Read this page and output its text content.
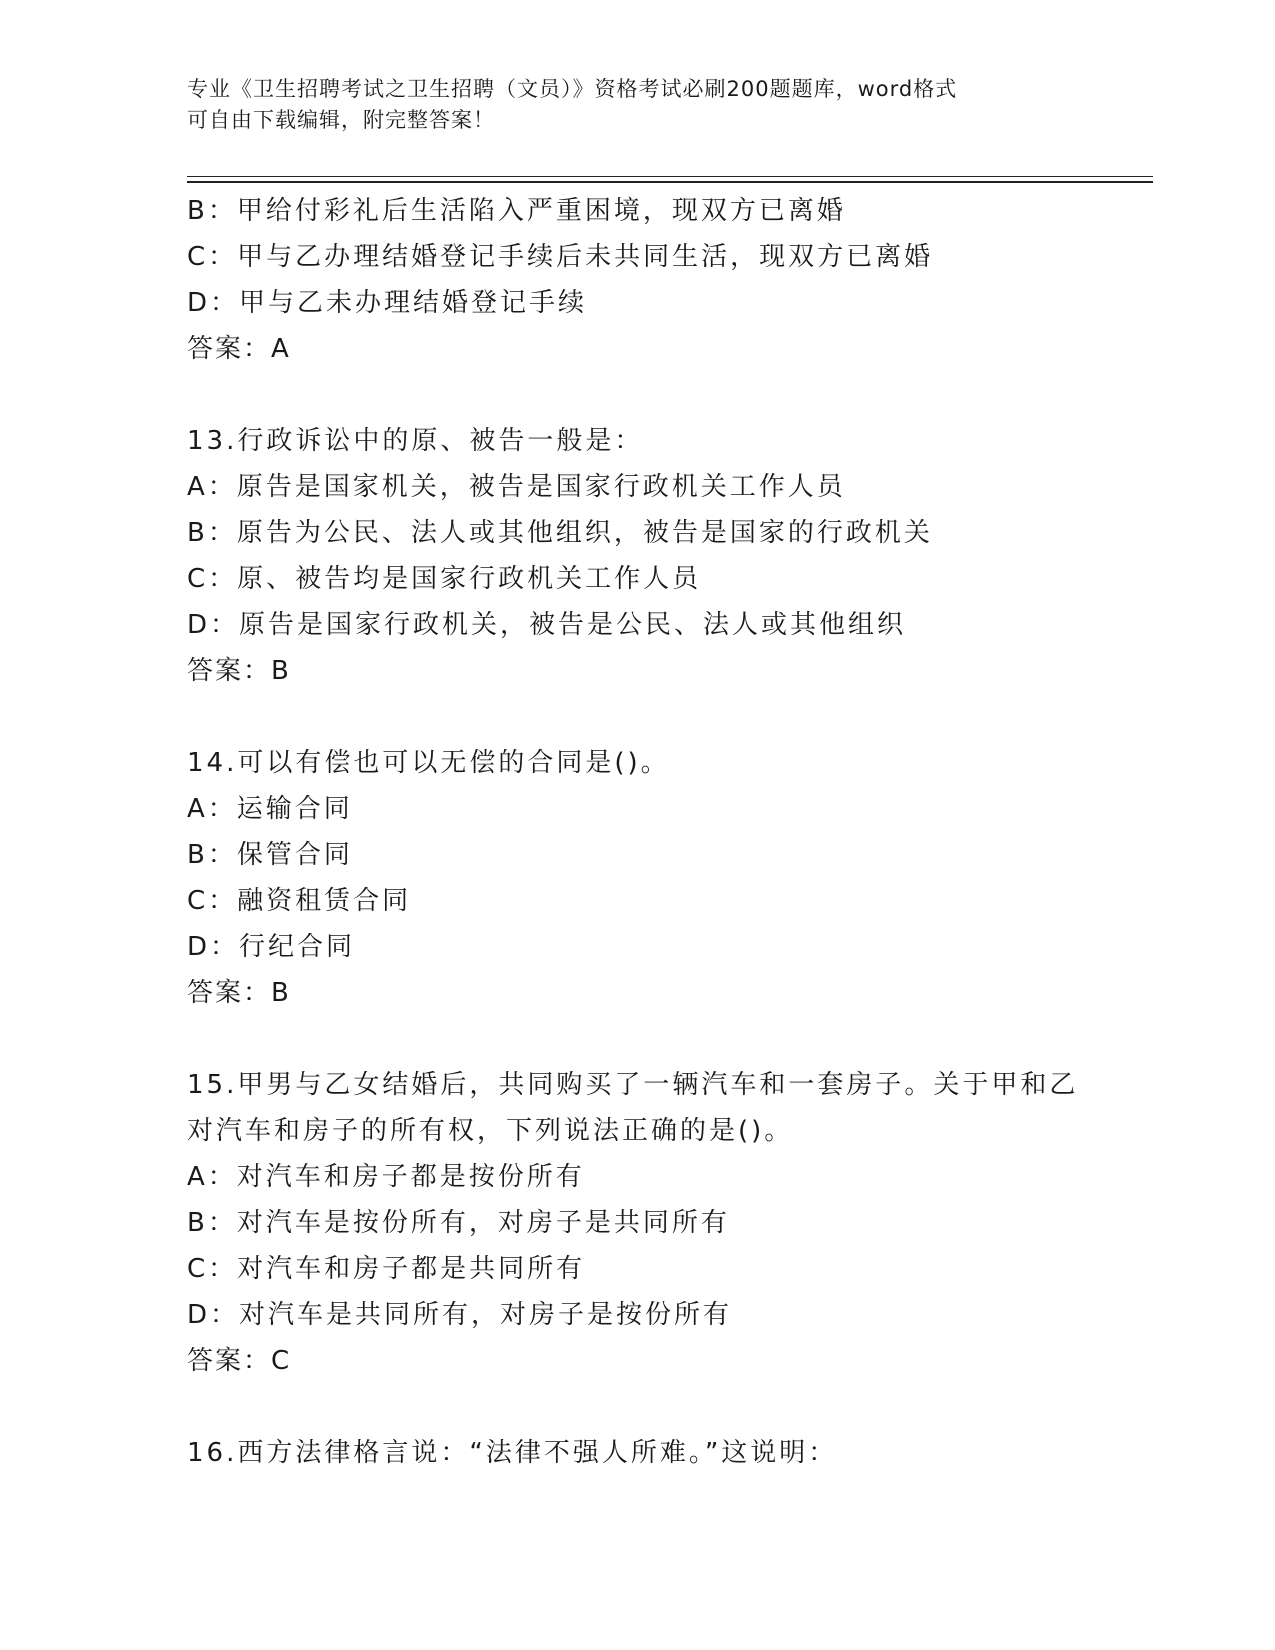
专业《卫生招聘考试之卫生招聘（文员）》资格考试必刷200题题库，word格式
可自由下载编辑，附完整答案！
B：甲给付彩礼后生活陷入严重困境，现双方已离婚
C：甲与乙办理结婚登记手续后未共同生活，现双方已离婚
D：甲与乙未办理结婚登记手续
答案：A
13.行政诉讼中的原、被告一般是：
A：原告是国家机关，被告是国家行政机关工作人员
B：原告为公民、法人或其他组织，被告是国家的行政机关
C：原、被告均是国家行政机关工作人员
D：原告是国家行政机关，被告是公民、法人或其他组织
答案：B
14.可以有偿也可以无偿的合同是()。
A：运输合同
B：保管合同
C：融资租赁合同
D：行纪合同
答案：B
15.甲男与乙女结婚后，共同购买了一辆汽车和一套房子。关于甲和乙
对汽车和房子的所有权，下列说法正确的是()。
A：对汽车和房子都是按份所有
B：对汽车是按份所有，对房子是共同所有
C：对汽车和房子都是共同所有
D：对汽车是共同所有，对房子是按份所有
答案：C
16.西方法律格言说：“法律不强人所难。”这说明：
